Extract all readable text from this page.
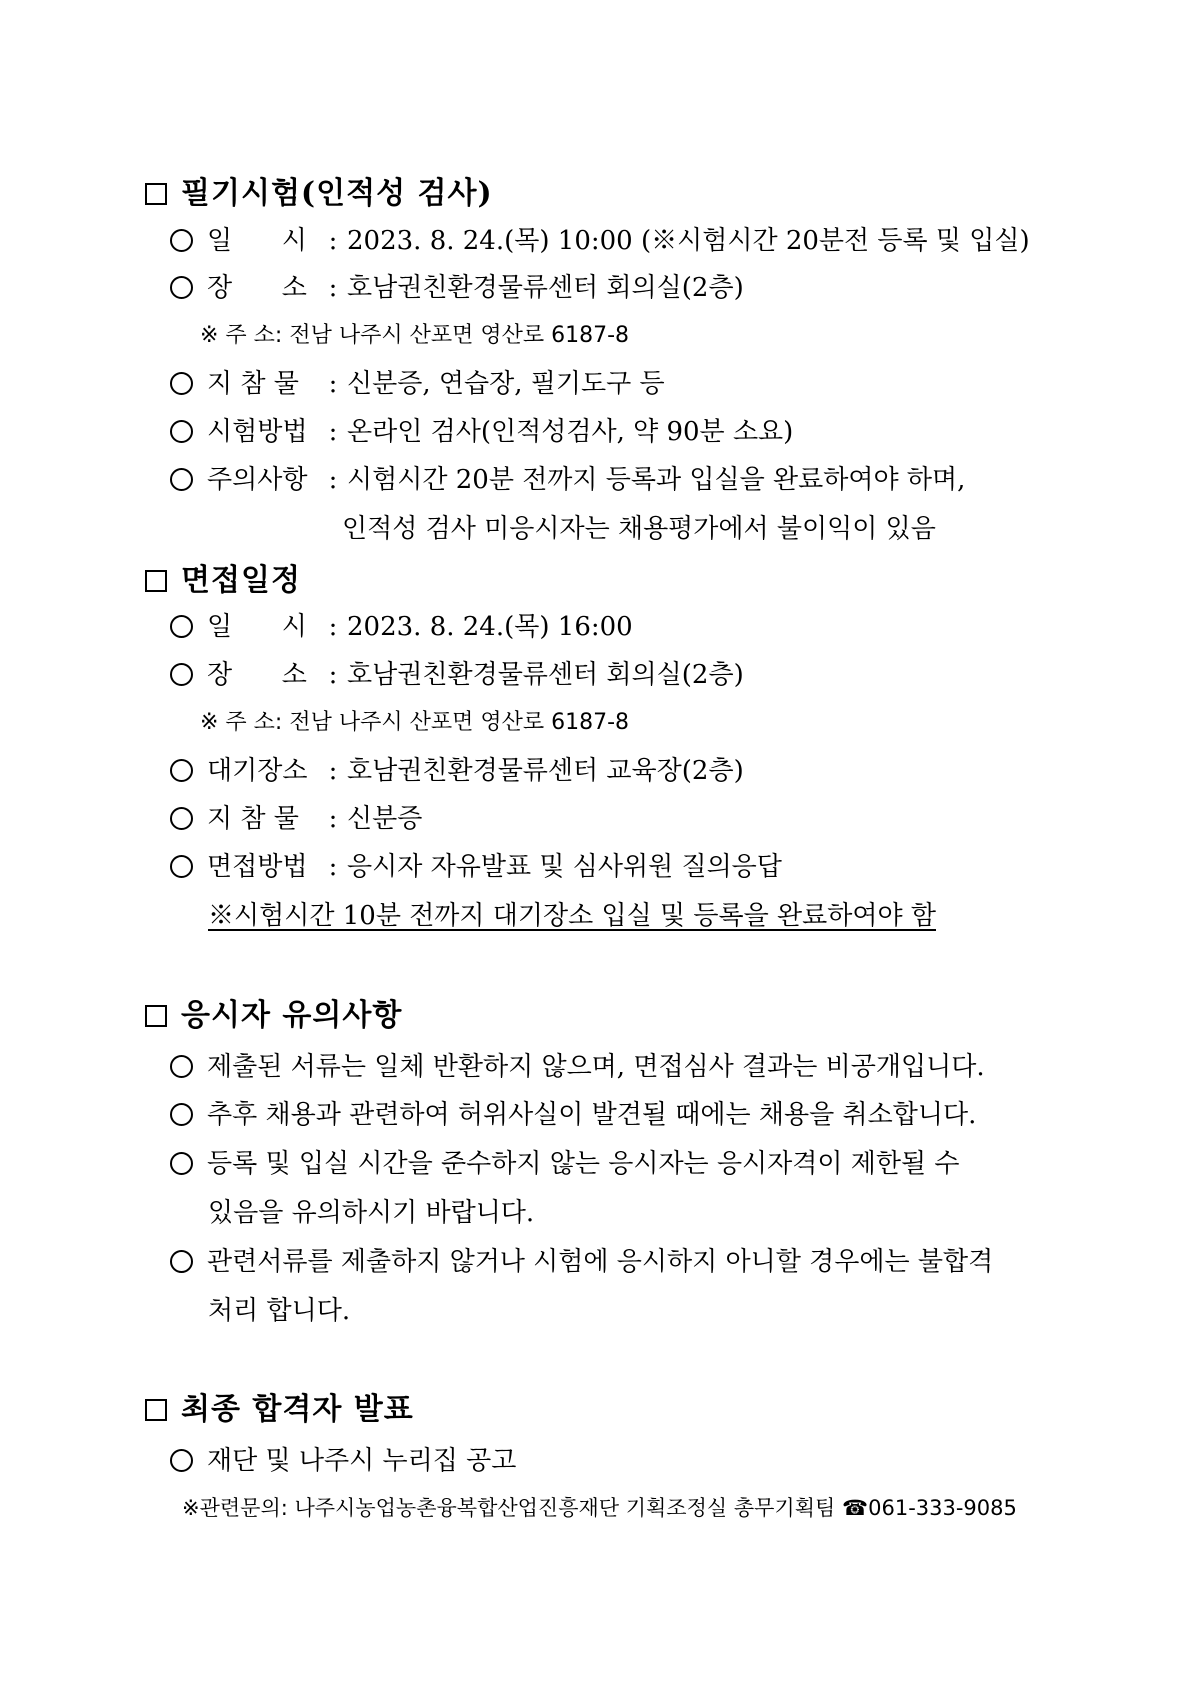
필기시험(인적성 검사)
일      시 : 2023. 8. 24.(목) 10:00 (※시험시간 20분전 등록 및 입실)
장      소 : 호남권친환경물류센터 회의실(2층)
※ 주 소: 전남 나주시 산포면 영산로 6187-8
지 참 물 : 신분증, 연습장, 필기도구 등
시험방법 : 온라인 검사(인적성검사, 약 90분 소요)
주의사항 : 시험시간 20분 전까지 등록과 입실을 완료하여야 하며,
인적성 검사 미응시자는 채용평가에서 불이익이 있음
면접일정
일      시 : 2023. 8. 24.(목) 16:00
장      소 : 호남권친환경물류센터 회의실(2층)
※ 주 소: 전남 나주시 산포면 영산로 6187-8
대기장소 : 호남권친환경물류센터 교육장(2층)
지 참 물 : 신분증
면접방법 : 응시자 자유발표 및 심사위원 질의응답
※시험시간 10분 전까지 대기장소 입실 및 등록을 완료하여야 함
응시자 유의사항
제출된 서류는 일체 반환하지 않으며, 면접심사 결과는 비공개입니다.
추후 채용과 관련하여 허위사실이 발견될 때에는 채용을 취소합니다.
등록 및 입실 시간을 준수하지 않는 응시자는 응시자격이 제한될 수
있음을 유의하시기 바랍니다.
관련서류를 제출하지 않거나 시험에 응시하지 아니할 경우에는 불합격
처리 합니다.
최종 합격자 발표
재단 및 나주시 누리집 공고
※관련문의: 나주시농업농촌융복합산업진흥재단 기획조정실 총무기획팀 ☎061-333-9085
